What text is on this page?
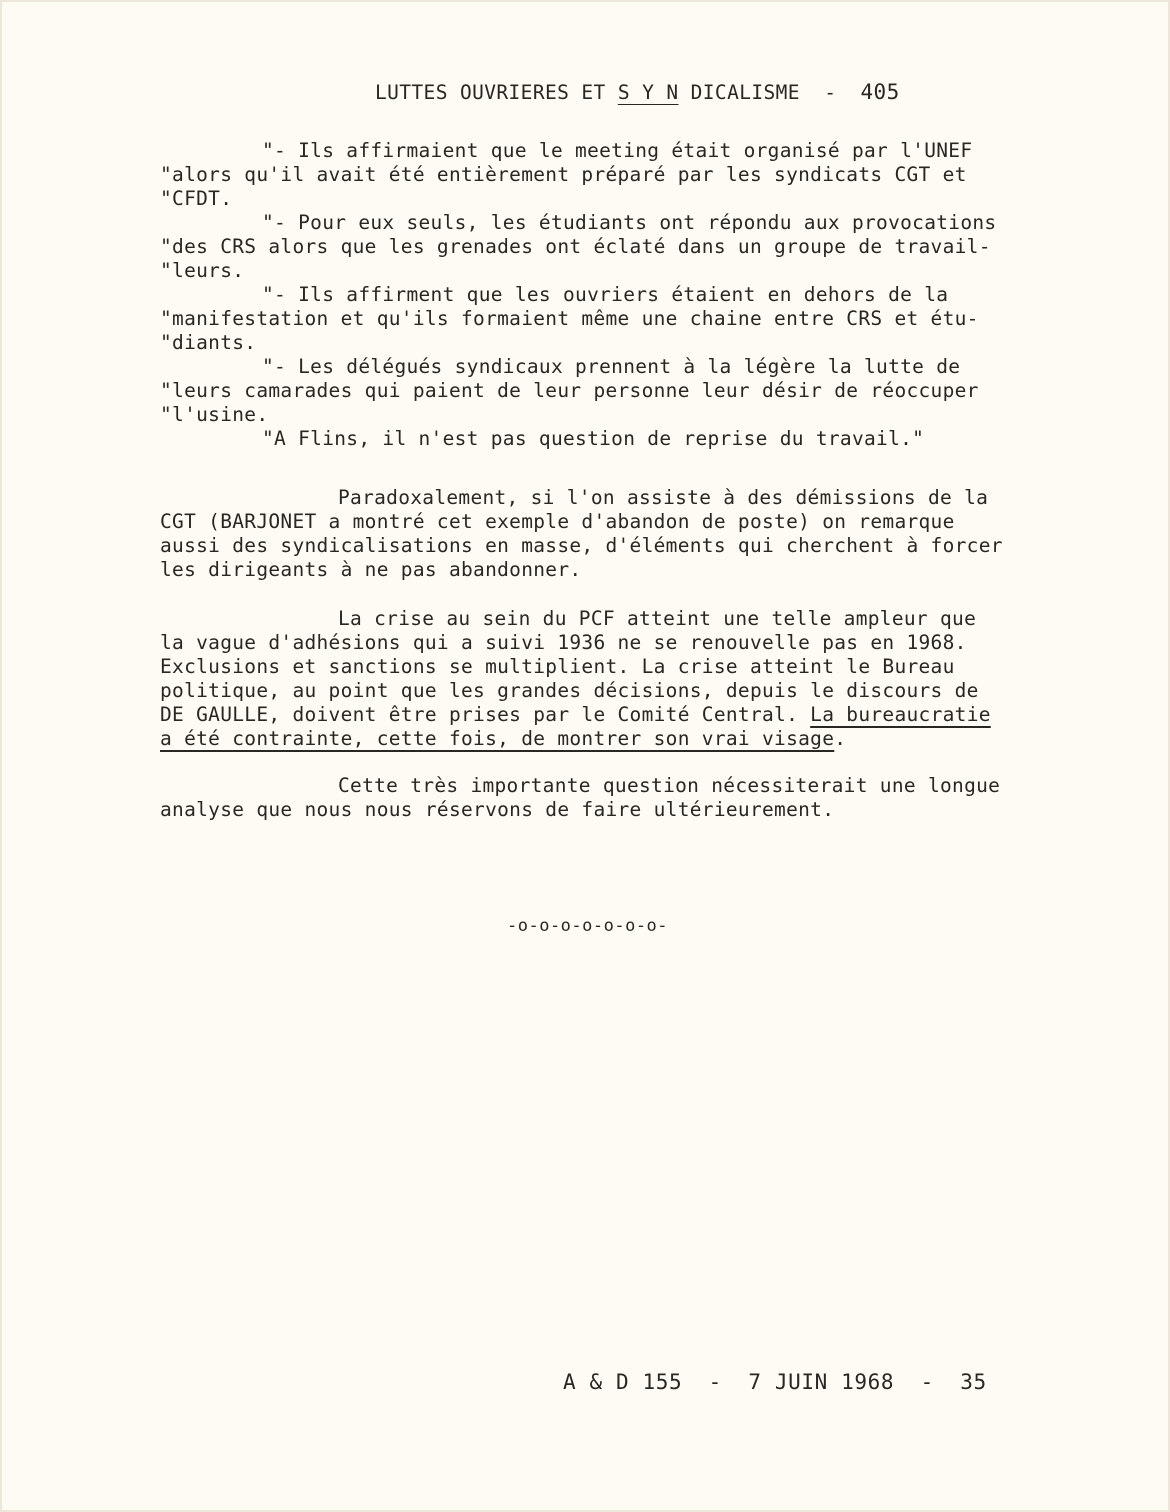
LUTTES OUVRIERES ET S Y N DICALISME  - 405
"- Ils affirmaient que le meeting était organisé par l'UNEF
"alors qu'il avait été entièrement préparé par les syndicats CGT et
"CFDT.
"- Pour eux seuls, les étudiants ont répondu aux provocations
"des CRS alors que les grenades ont éclaté dans un groupe de travail-
"leurs.
"- Ils affirment que les ouvriers étaient en dehors de la
"manifestation et qu'ils formaient même une chaine entre CRS et étu-
"diants.
"- Les délégués syndicaux prennent à la légère la lutte de
"leurs camarades qui paient de leur personne leur désir de réoccuper
"l'usine.
"A Flins, il n'est pas question de reprise du travail."
Paradoxalement, si l'on assiste à des démissions de la
CGT (BARJONET a montré cet exemple d'abandon de poste) on remarque
aussi des syndicalisations en masse, d'éléments qui cherchent à forcer
les dirigeants à ne pas abandonner.
La crise au sein du PCF atteint une telle ampleur que
la vague d'adhésions qui a suivi 1936 ne se renouvelle pas en 1968.
Exclusions et sanctions se multiplient. La crise atteint le Bureau
politique, au point que les grandes décisions, depuis le discours de
DE GAULLE, doivent être prises par le Comité Central. La bureaucratie
a été contrainte, cette fois, de montrer son vrai visage.
Cette très importante question nécessiterait une longue
analyse que nous nous réservons de faire ultérieurement.
-o-o-o-o-o-o-o-
A & D 155  -  7 JUIN 1968  -  35
